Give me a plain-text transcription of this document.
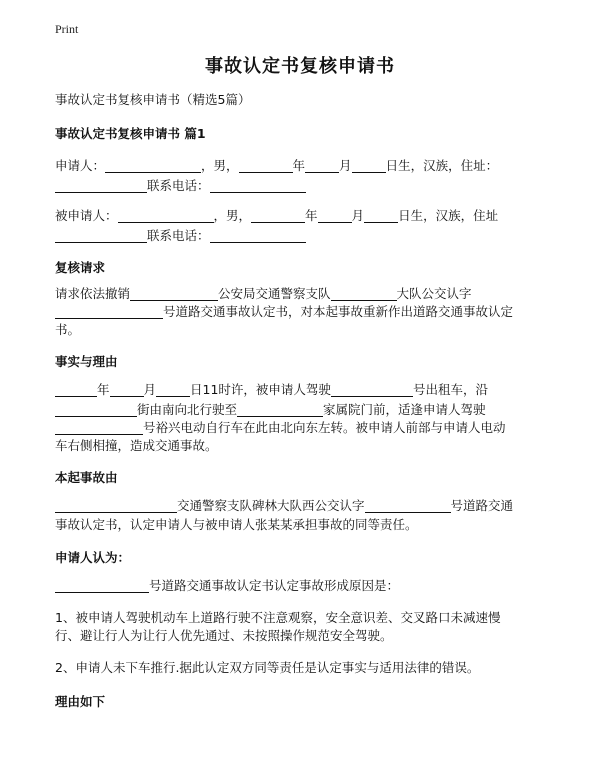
Print
事故认定书复核申请书
事故认定书复核申请书（精选5篇）
事故认定书复核申请书 篇1
申请人：	，男，	年	月	日生，汉族，住址：
联系电话：
被申请人：	，男，	年	月	日生，汉族，住址
联系电话：
复核请求
请求依法撤销	公安局交通警察支队	大队公交认字
号道路交通事故认定书，对本起事故重新作出道路交通事故认定
书。
事实与理由
年	月	日11时许，被申请人驾驶	号出租车，沿
街由南向北行驶至	家属院门前，适逢申请人驾驶
号裕兴电动自行车在此由北向东左转。被申请人前部与申请人电动
车右侧相撞，造成交通事故。
本起事故由
交通警察支队碑林大队西公交认字	号道路交通
事故认定书，认定申请人与被申请人张某某承担事故的同等责任。
申请人认为：
号道路交通事故认定书认定事故形成原因是：
1、被申请人驾驶机动车上道路行驶不注意观察，安全意识差、交叉路口未减速慢
行、避让行人为让行人优先通过、未按照操作规范安全驾驶。
2、申请人未下车推行.据此认定双方同等责任是认定事实与适用法律的错误。
理由如下
